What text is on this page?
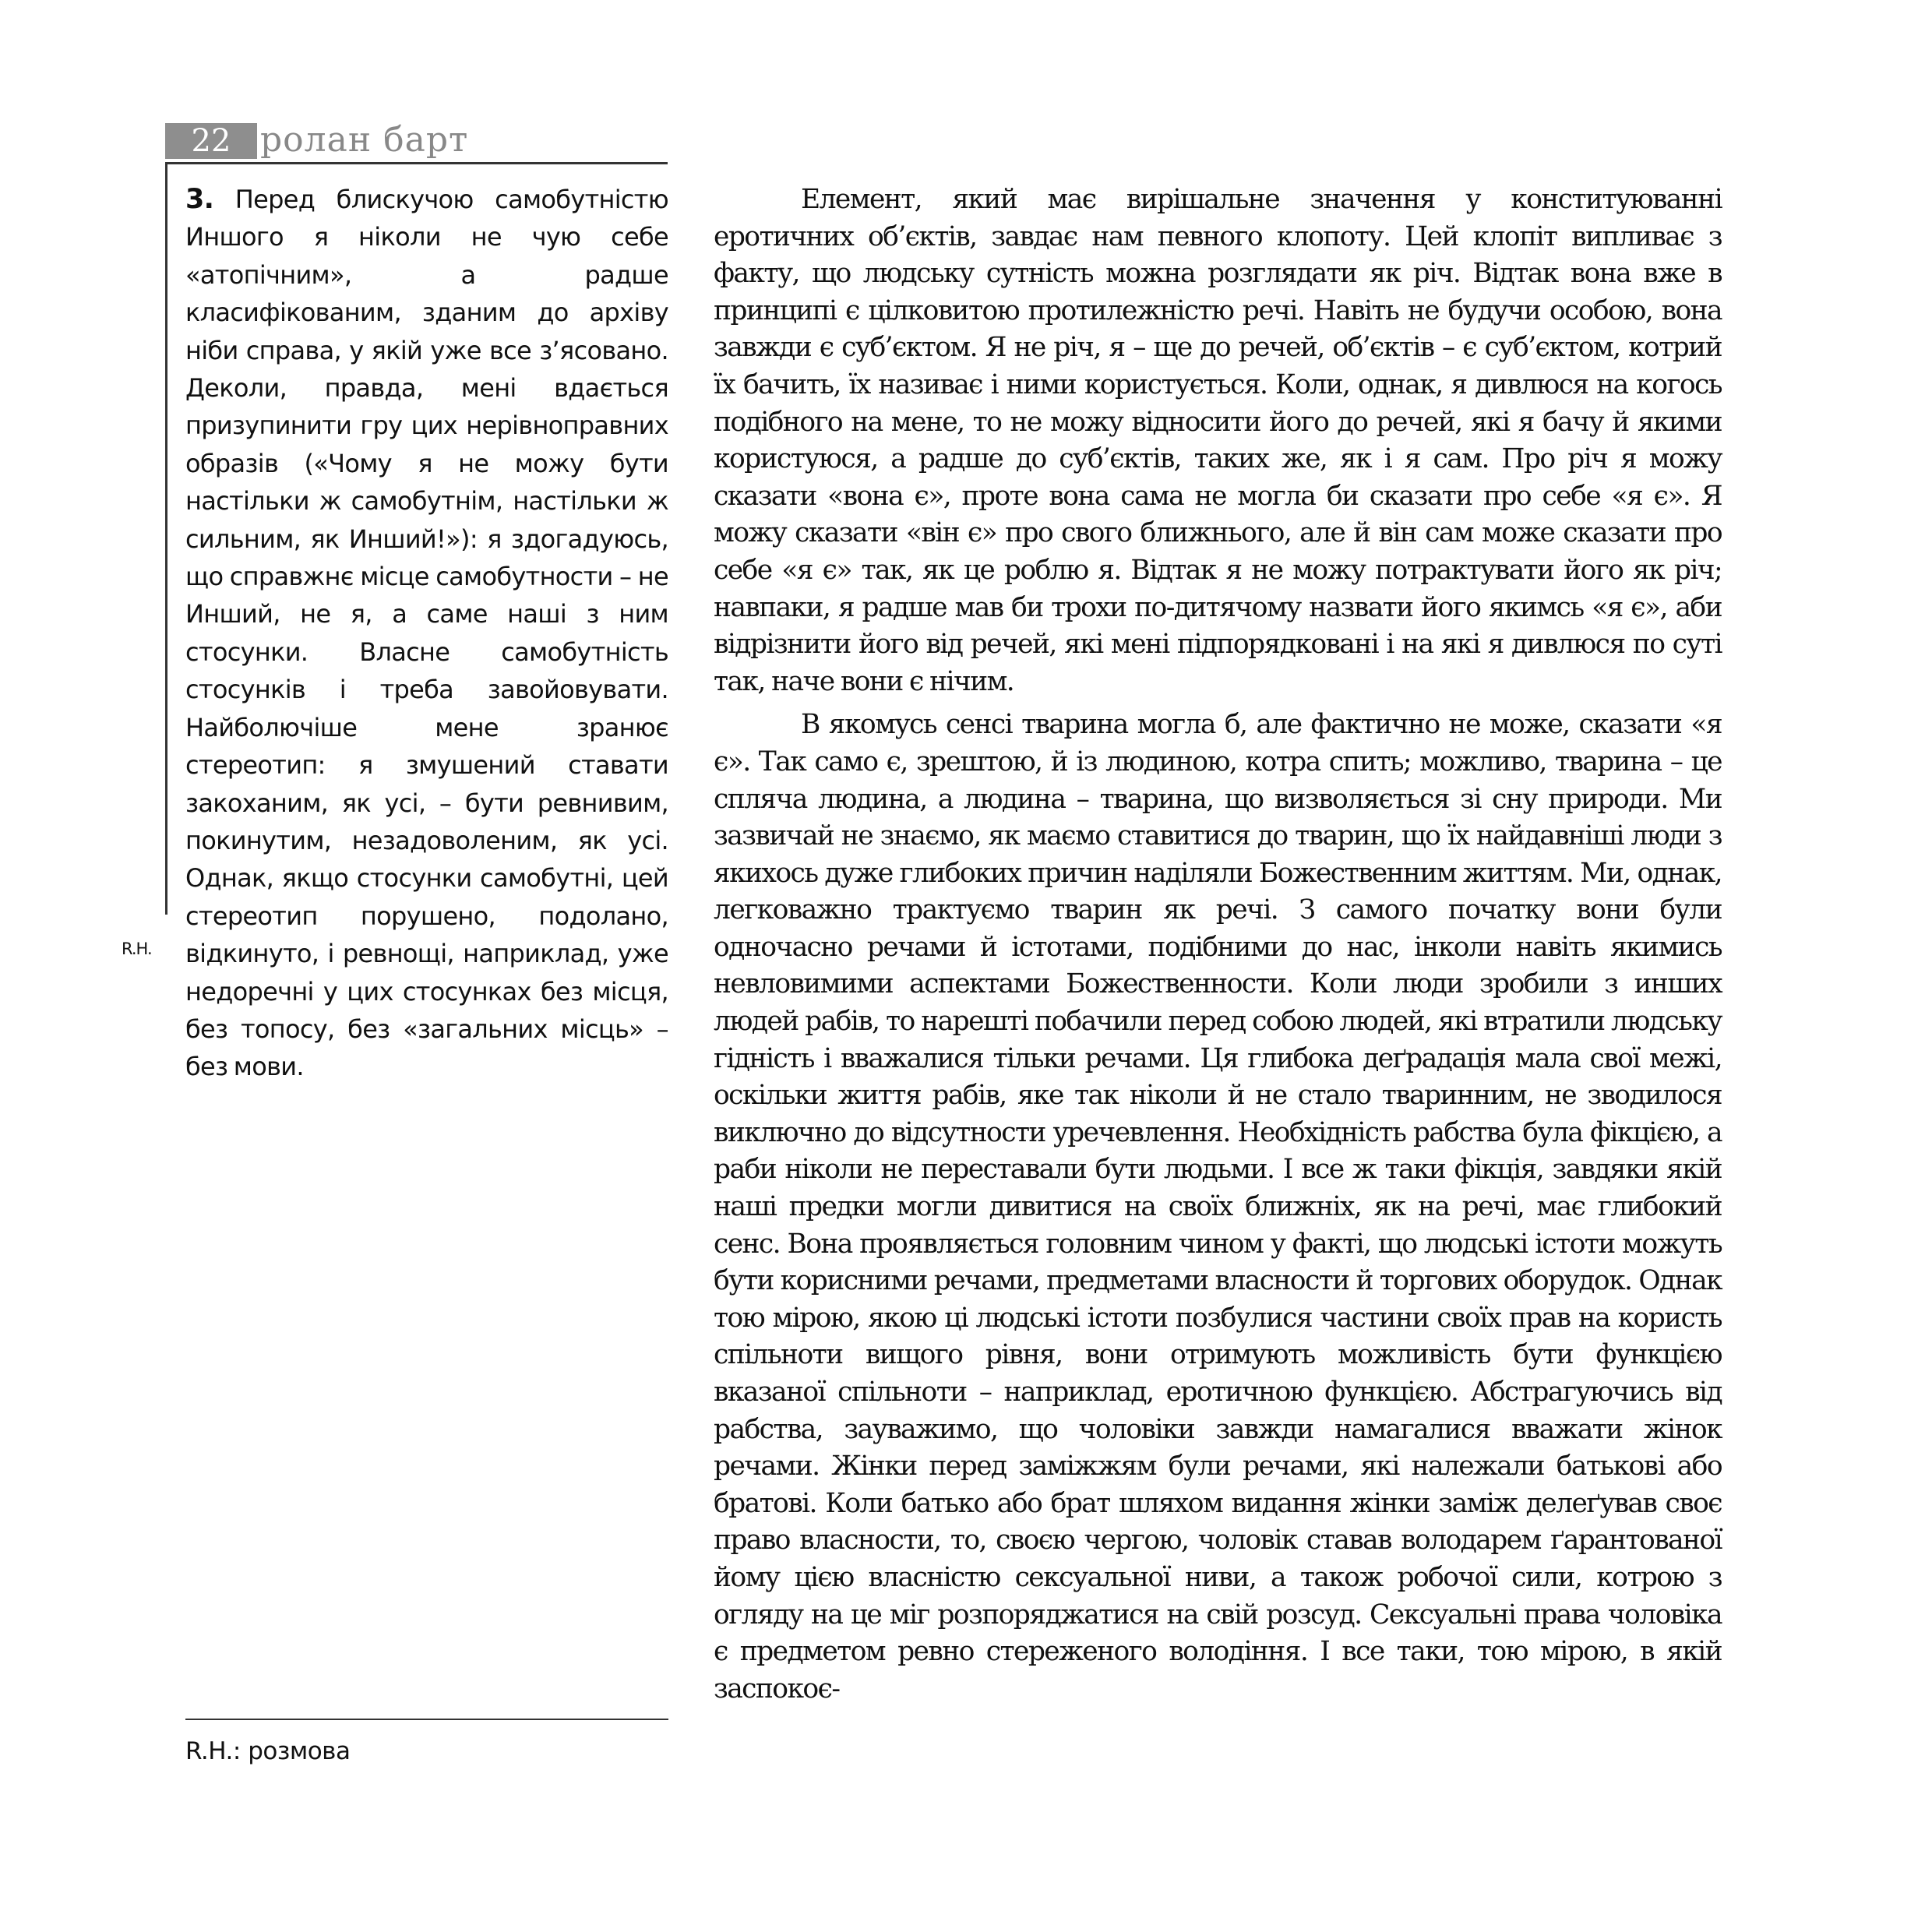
22 ролан барт
3. Перед блискучою самобутністю Иншого я ніколи не чую себе «атопічним», а радше класифікованим, зданим до архіву ніби справа, у якій уже все з’ясовано. Деколи, правда, мені вдається призупинити гру цих нерівноправних образів («Чому я не можу бути настільки ж самобутнім, настільки ж сильним, як Инший!»): я здогадуюсь, що справжнє місце самобутности – не Инший, не я, а саме наші з ним стосунки. Власне самобутність стосунків і треба завойовувати. Найболючіше мене зранює стереотип: я змушений ставати закоханим, як усі, – бути ревнивим, покинутим, незадоволеним, як усі. Однак, якщо стосунки самобутні, цей стереотип порушено, подолано, відкинуто, і ревнощі, наприклад, уже недоречні у цих стосунках без місця, без топосу, без «загальних місць» – без мови.
R.H.
R.H.: розмова

Елемент, який має вирішальне значення у конституюванні еротичних об’єктів, завдає нам певного клопоту. Цей клопіт випливає з факту, що людську сутність можна розглядати як річ. Відтак вона вже в принципі є цілковитою протилежністю речі. Навіть не будучи особою, вона завжди є суб’єктом. Я не річ, я – ще до речей, об’єктів – є суб’єктом, котрий їх бачить, їх називає і ними користується. Коли, однак, я дивлюся на когось подібного на мене, то не можу відносити його до речей, які я бачу й якими користуюся, а радше до суб’єктів, таких же, як і я сам. Про річ я можу сказати «вона є», проте вона сама не могла би сказати про себе «я є». Я можу сказати «він є» про свого ближнього, але й він сам може сказати про себе «я є» так, як це роблю я. Відтак я не можу потрактувати його як річ; навпаки, я радше мав би трохи по-дитячому назвати його якимсь «я є», аби відрізнити його від речей, які мені підпорядковані і на які я дивлюся по суті так, наче вони є нічим.

В якомусь сенсі тварина могла б, але фактично не може, сказати «я є». Так само є, зрештою, й із людиною, котра спить; можливо, тварина – це спляча людина, а людина – тварина, що визволяється зі сну природи. Ми зазвичай не знаємо, як маємо ставитися до тварин, що їх найдавніші люди з якихось дуже глибоких причин наділяли Божественним життям. Ми, однак, легковажно трактуємо тварин як речі. З самого початку вони були одночасно речами й істотами, подібними до нас, інколи навіть якимись невловимими аспектами Божественности. Коли люди зробили з инших людей рабів, то нарешті побачили перед собою людей, які втратили людську гідність і вважалися тільки речами. Ця глибока деґрадація мала свої межі, оскільки життя рабів, яке так ніколи й не стало тваринним, не зводилося виключно до відсутности уречевлення. Необхідність рабства була фікцією, а раби ніколи не переставали бути людьми. І все ж таки фікція, завдяки якій наші предки могли дивитися на своїх ближніх, як на речі, має глибокий сенс. Вона проявляється головним чином у факті, що людські істоти можуть бути корисними речами, предметами власности й торгових оборудок. Однак тою мірою, якою ці людські істоти позбулися частини своїх прав на користь спільноти вищого рівня, вони отримують можливість бути функцією вказаної спільноти – наприклад, еротичною функцією. Абстрагуючись від рабства, зауважимо, що чоловіки завжди намагалися вважати жінок речами. Жінки перед заміжжям були речами, які належали батькові або братові. Коли батько або брат шляхом видання жінки заміж делеґував своє право власности, то, своєю чергою, чоловік ставав володарем ґарантованої йому цією власністю сексуальної ниви, а також робочої сили, котрою з огляду на це міг розпоряджатися на свій розсуд. Сексуальні права чоловіка є предметом ревно стереженого володіння. І все таки, тою мірою, в якій заспокоє-
